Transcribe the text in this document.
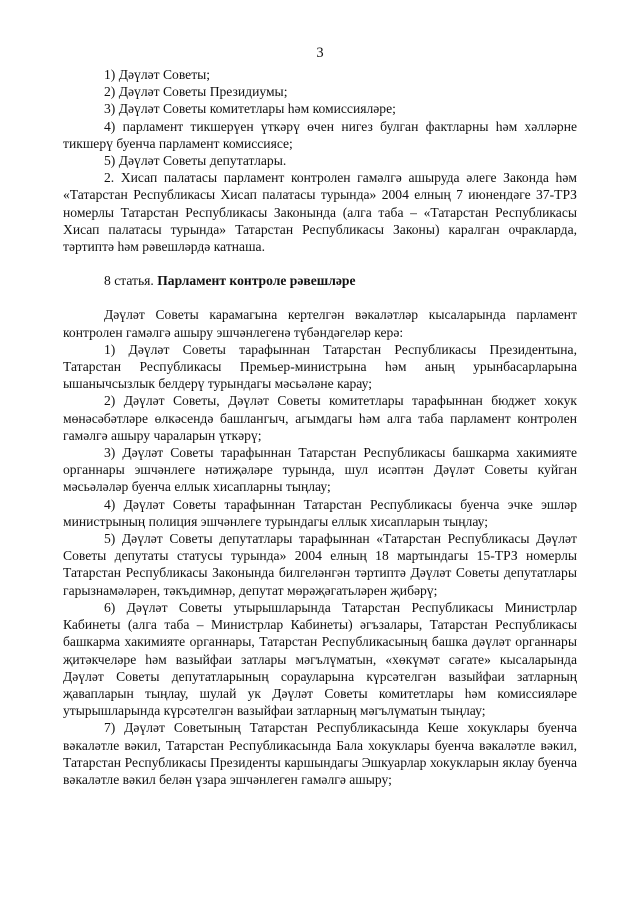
3

1) Дәүләт Советы;

2) Дәүләт Советы Президиумы;

3) Дәүләт Советы комитетлары һәм комиссияләре;

4) парламент тикшерүен үткәрү өчен нигез булган фактларны һәм хәлләрне тикшерү буенча парламент комиссиясе;

5) Дәүләт Советы депутатлары.

2. Хисап палатасы парламент контролен гамәлгә ашыруда әлеге Законда һәм «Татарстан Республикасы Хисап палатасы турында» 2004 елның 7 июнендәге 37-ТРЗ номерлы Татарстан Республикасы Законында (алга таба – «Татарстан Республикасы Хисап палатасы турында» Татарстан Республикасы Законы) каралган очракларда, тәртиптә һәм рәвешләрдә катнаша.

8 статья. Парламент контроле рәвешләре

Дәүләт Советы карамагына кертелгән вәкаләтләр кысаларында парламент контролен гамәлгә ашыру эшчәнлегенә түбәндәгеләр керә:

1) Дәүләт Советы тарафыннан Татарстан Республикасы Президентына, Татарстан Республикасы Премьер-министрына һәм аның урынбасарларына ышанычсызлык белдерү турындагы мәсьәләне карау;

2) Дәүләт Советы, Дәүләт Советы комитетлары тарафыннан бюджет хокук мөнәсәбәтләре өлкәсендә башлангыч, агымдагы һәм алга таба парламент контролен гамәлгә ашыру чараларын үткәрү;

3) Дәүләт Советы тарафыннан Татарстан Республикасы башкарма хакимияте органнары эшчәнлеге нәтиҗәләре турында, шул исәптән Дәүләт Советы куйган мәсьәләләр буенча еллык хисапларны тыңлау;

4) Дәүләт Советы тарафыннан Татарстан Республикасы буенча эчке эшләр министрының полиция эшчәнлеге турындагы еллык хисапларын тыңлау;

5) Дәүләт Советы депутатлары тарафыннан «Татарстан Республикасы Дәүләт Советы депутаты статусы турында» 2004 елның 18 мартындагы 15-ТРЗ номерлы Татарстан Республикасы Законында билгеләнгән тәртиптә Дәүләт Советы депутатлары гарызнамәләрен, тәкъдимнәр, депутат мөрәҗәгатьләрен җибәрү;

6) Дәүләт Советы утырышларында Татарстан Республикасы Министрлар Кабинеты (алга таба – Министрлар Кабинеты) әгъзалары, Татарстан Республикасы башкарма хакимияте органнары, Татарстан Республикасының башка дәүләт органнары җитәкчеләре һәм вазыйфаи затлары мәгълүматын, «хөкүмәт сәгате» кысаларында Дәүләт Советы депутатларының сорауларына күрсәтелгән вазыйфаи затларның җавапларын тыңлау, шулай ук Дәүләт Советы комитетлары һәм комиссияләре утырышларында күрсәтелгән вазыйфаи затларның мәгълүматын тыңлау;

7) Дәүләт Советының Татарстан Республикасында Кеше хокуклары буенча вәкаләтле вәкил, Татарстан Республикасында Бала хокуклары буенча вәкаләтле вәкил, Татарстан Республикасы Президенты каршындагы Эшкуарлар хокукларын яклау буенча вәкаләтле вәкил белән үзара эшчәнлеген гамәлгә ашыру;
